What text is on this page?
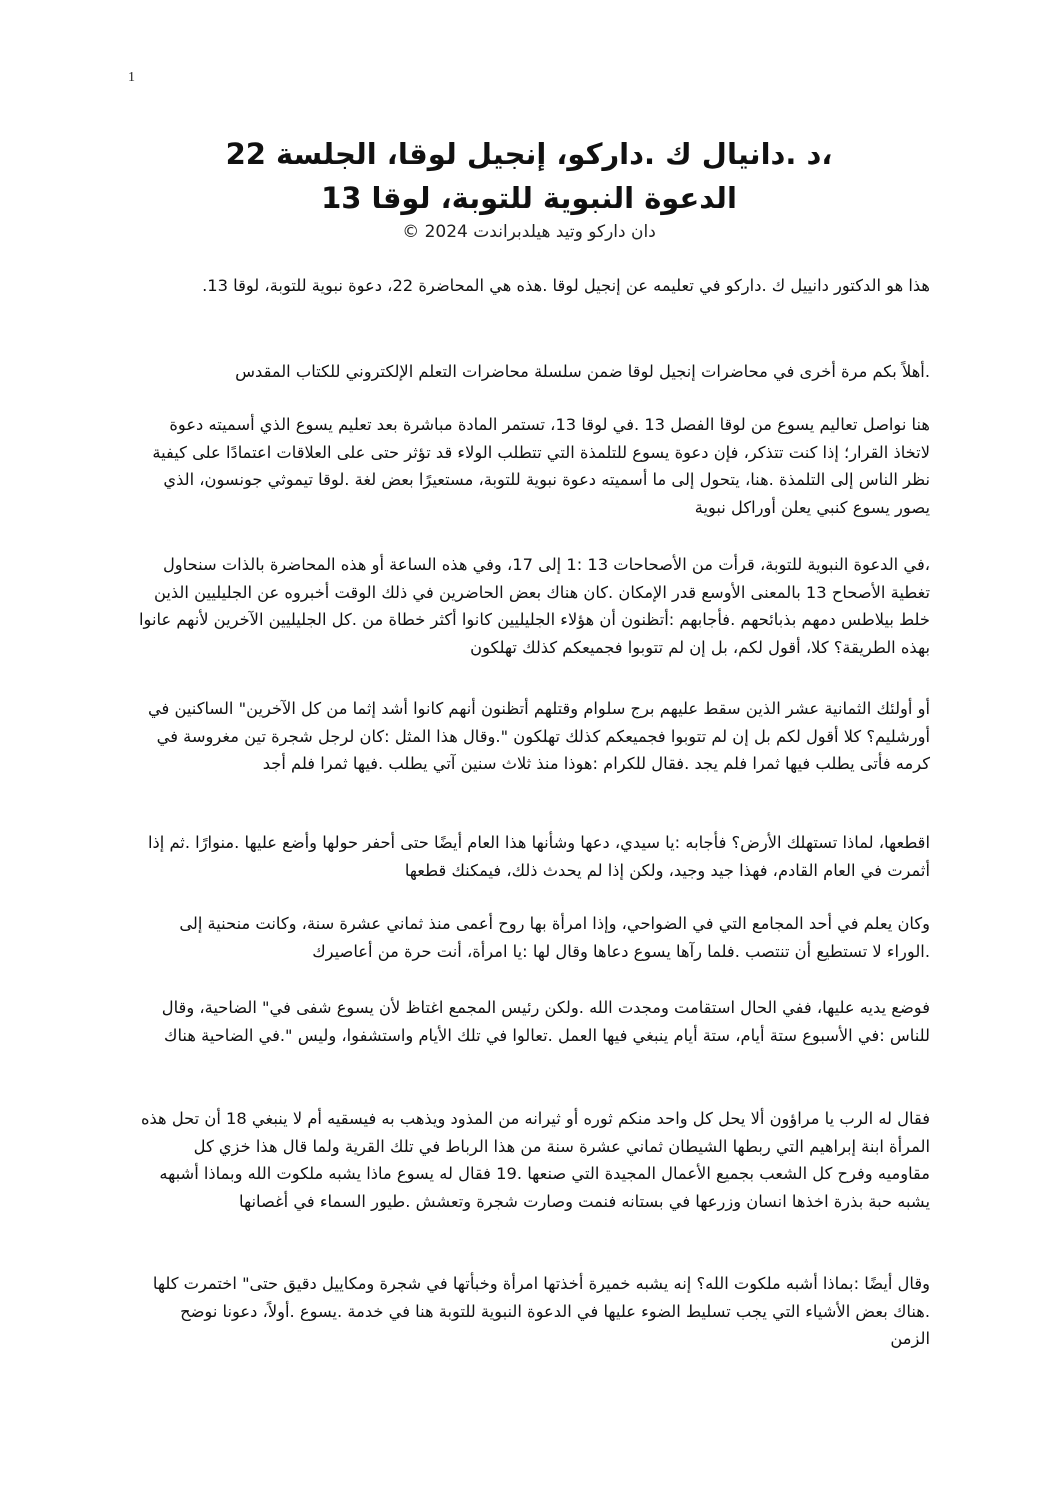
1

،د .دانيال ك .داركو، إنجيل لوقا، الجلسة 22

الدعوة النبوية للتوبة، لوقا 13

دان داركو وتيد هيلدبراندت 2024 ©

هذا هو الدكتور دانييل ك .داركو في تعليمه عن إنجيل لوقا .هذه هي المحاضرة 22، دعوة نبوية للتوبة، لوقا 13.

.أهلاً بكم مرة أخرى في محاضرات إنجيل لوقا ضمن سلسلة محاضرات التعلم الإلكتروني للكتاب المقدس

هنا نواصل تعاليم يسوع من لوقا الفصل 13 .في لوقا 13، تستمر المادة مباشرة بعد تعليم يسوع الذي أسميته دعوة لاتخاذ القرار؛ إذا كنت تتذكر، فإن دعوة يسوع للتلمذة التي تتطلب الولاء قد تؤثر حتى على العلاقات اعتمادًا على كيفية نظر الناس إلى التلمذة .هنا، يتحول إلى ما أسميته دعوة نبوية للتوبة، مستعيرًا بعض لغة .لوقا تيموثي جونسون، الذي يصور يسوع كنبي يعلن أوراكل نبوية

،في الدعوة النبوية للتوبة، قرأت من الأصحاحات 13 :1 إلى 17، وفي هذه الساعة أو هذه المحاضرة بالذات سنحاول تغطية الأصحاح 13 بالمعنى الأوسع قدر الإمكان .كان هناك بعض الحاضرين في ذلك الوقت أخبروه عن الجليليين الذين خلط بيلاطس دمهم بذبائحهم .فأجابهم :أتظنون أن هؤلاء الجليليين كانوا أكثر خطاة من .كل الجليليين الآخرين لأنهم عانوا بهذه الطريقة؟ كلا، أقول لكم، بل إن لم تتوبوا فجميعكم كذلك تهلكون

أو أولئك الثمانية عشر الذين سقط عليهم برج سلوام وقتلهم أتظنون أنهم كانوا أشد إثما من كل الآخرين" الساكنين في أورشليم؟ كلا أقول لكم بل إن لم تتوبوا فجميعكم كذلك تهلكون ".وقال هذا المثل :كان لرجل شجرة تين مغروسة في كرمه فأتى يطلب فيها ثمرا فلم يجد .فقال للكرام :هوذا منذ ثلاث سنين آتي يطلب .فيها ثمرا فلم أجد

اقطعها، لماذا تستهلك الأرض؟ فأجابه :يا سيدي، دعها وشأنها هذا العام أيضًا حتى أحفر حولها وأضع عليها .منوارًا .ثم إذا أثمرت في العام القادم، فهذا جيد وجيد، ولكن إذا لم يحدث ذلك، فيمكنك قطعها

وكان يعلم في أحد المجامع التي في الضواحي، وإذا امرأة بها روح أعمى منذ ثماني عشرة سنة، وكانت منحنية إلى .الوراء لا تستطيع أن تنتصب .فلما رآها يسوع دعاها وقال لها :يا امرأة، أنت حرة من أعاصيرك

فوضع يديه عليها، ففي الحال استقامت ومجدت الله .ولكن رئيس المجمع اغتاظ لأن يسوع شفى في" الضاحية، وقال للناس :في الأسبوع ستة أيام، ستة أيام ينبغي فيها العمل .تعالوا في تلك الأيام واستشفوا، وليس ".في الضاحية هناك

فقال له الرب يا مراؤون ألا يحل كل واحد منكم ثوره أو ثيرانه من المذود ويذهب به فيسقيه أم لا ينبغي 18 أن تحل هذه المرأة ابنة إبراهيم التي ربطها الشيطان ثماني عشرة سنة من هذا الرباط في تلك القرية ولما قال هذا خزي كل مقاوميه وفرح كل الشعب بجميع الأعمال المجيدة التي صنعها .19 فقال له يسوع ماذا يشبه ملكوت الله وبماذا أشبهه يشبه حبة بذرة اخذها انسان وزرعها في بستانه فنمت وصارت شجرة وتعشش .طيور السماء في أغصانها

وقال أيضًا :بماذا أشبه ملكوت الله؟ إنه يشبه خميرة أخذتها امرأة وخبأتها في شجرة ومكاييل دقيق حتى" اختمرت كلها .هناك بعض الأشياء التي يجب تسليط الضوء عليها في الدعوة النبوية للتوبة هنا في خدمة .يسوع .أولاً، دعونا نوضح الزمن
